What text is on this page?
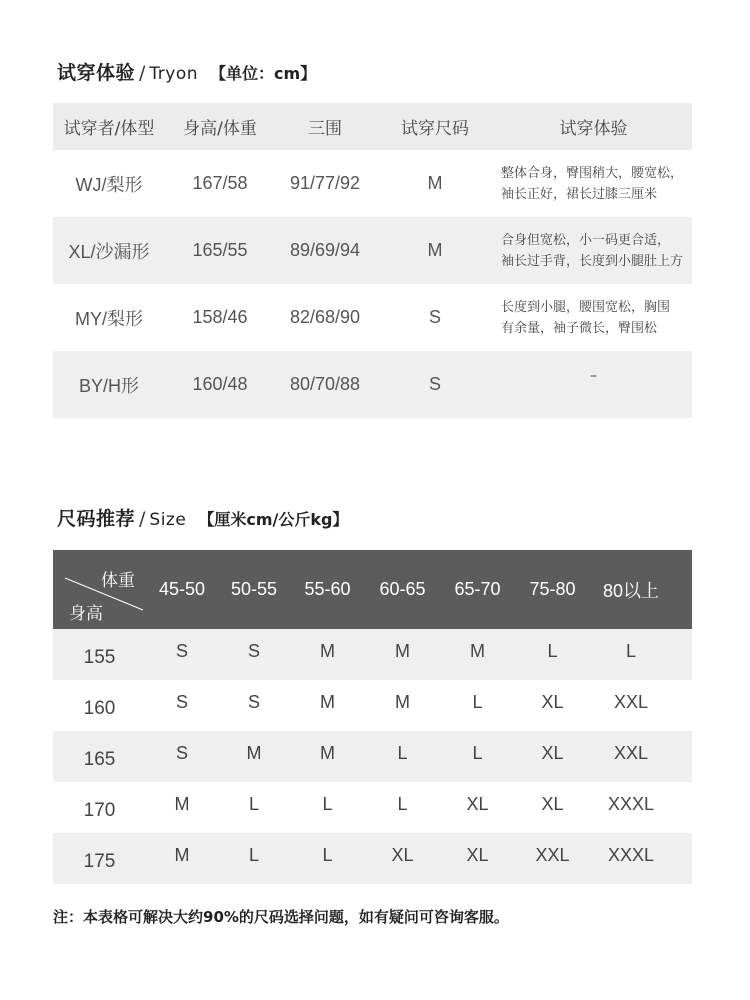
试穿体验 / Tryon 【单位：cm】
试穿者/体型	身高/体重	三围	试穿尺码	试穿体验
WJ/梨形	167/58	91/77/92	M	整体合身，臀围稍大，腰宽松，
袖长正好，裙长过膝三厘米
XL/沙漏形	165/55	89/69/94	M	合身但宽松，小一码更合适，
袖长过手背，长度到小腿肚上方
MY/梨形	158/46	82/68/90	S	长度到小腿，腰围宽松，胸围
有余量，袖子微长，臀围松
BY/H形	160/48	80/70/88	S	–
尺码推荐 / Size 【厘米cm/公斤kg】
体重
身高
45-50	50-55	55-60	60-65	65-70	75-80	80以上
155	S	S	M	M	M	L	L
160	S	S	M	M	L	XL	XXL
165	S	M	M	L	L	XL	XXL
170	M	L	L	L	XL	XL	XXXL
175	M	L	L	XL	XL	XXL	XXXL
注：本表格可解决大约90%的尺码选择问题，如有疑问可咨询客服。
